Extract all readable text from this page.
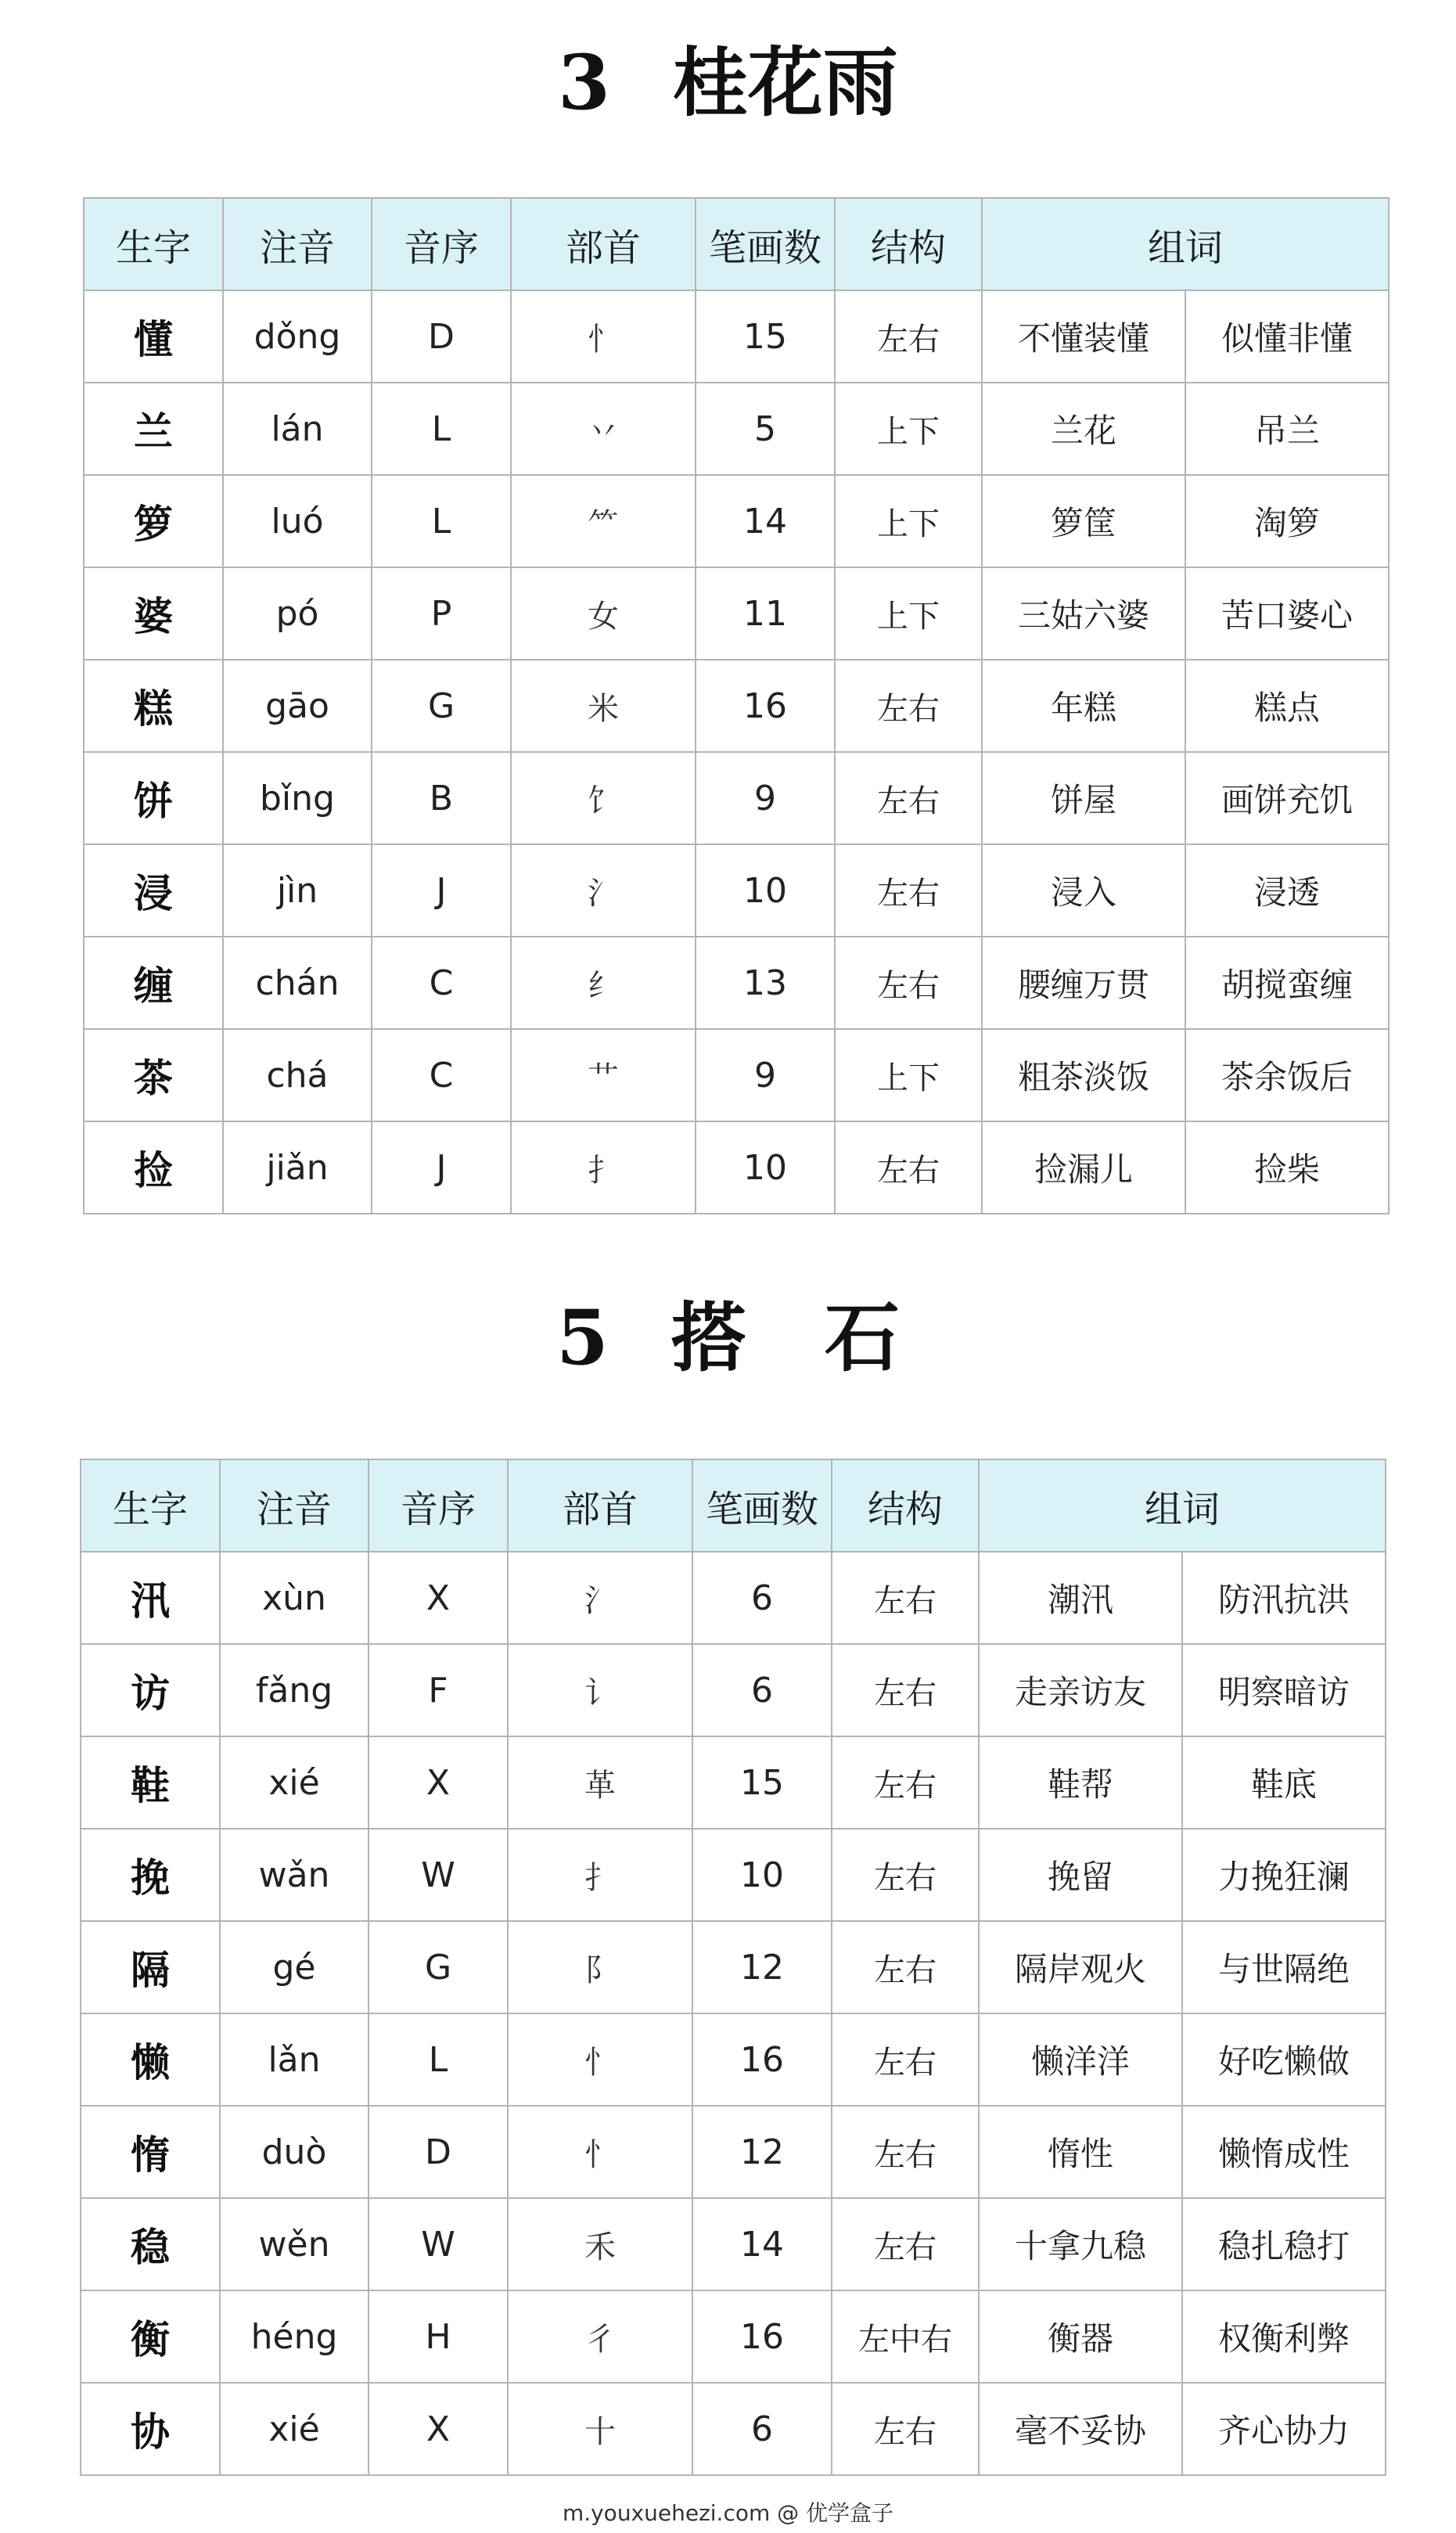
3 桂花雨
生字	注音	音序	部首	笔画数	结构	组词	
懂	dǒng	D	忄	15	左右	不懂装懂	似懂非懂
兰	lán	L	丷	5	上下	兰花	吊兰
箩	luó	L	⺮	14	上下	箩筐	淘箩
婆	pó	P	女	11	上下	三姑六婆	苦口婆心
糕	gāo	G	米	16	左右	年糕	糕点
饼	bǐng	B	饣	9	左右	饼屋	画饼充饥
浸	jìn	J	氵	10	左右	浸入	浸透
缠	chán	C	纟	13	左右	腰缠万贯	胡搅蛮缠
茶	chá	C	艹	9	上下	粗茶淡饭	茶余饭后
捡	jiǎn	J	扌	10	左右	捡漏儿	捡柴
5 搭石
生字	注音	音序	部首	笔画数	结构	组词	
汛	xùn	X	氵	6	左右	潮汛	防汛抗洪
访	fǎng	F	讠	6	左右	走亲访友	明察暗访
鞋	xié	X	革	15	左右	鞋帮	鞋底
挽	wǎn	W	扌	10	左右	挽留	力挽狂澜
隔	gé	G	阝	12	左右	隔岸观火	与世隔绝
懒	lǎn	L	忄	16	左右	懒洋洋	好吃懒做
惰	duò	D	忄	12	左右	惰性	懒惰成性
稳	wěn	W	禾	14	左右	十拿九稳	稳扎稳打
衡	héng	H	彳	16	左中右	衡器	权衡利弊
协	xié	X	十	6	左右	毫不妥协	齐心协力
m.youxuehezi.com @ 优学盒子
